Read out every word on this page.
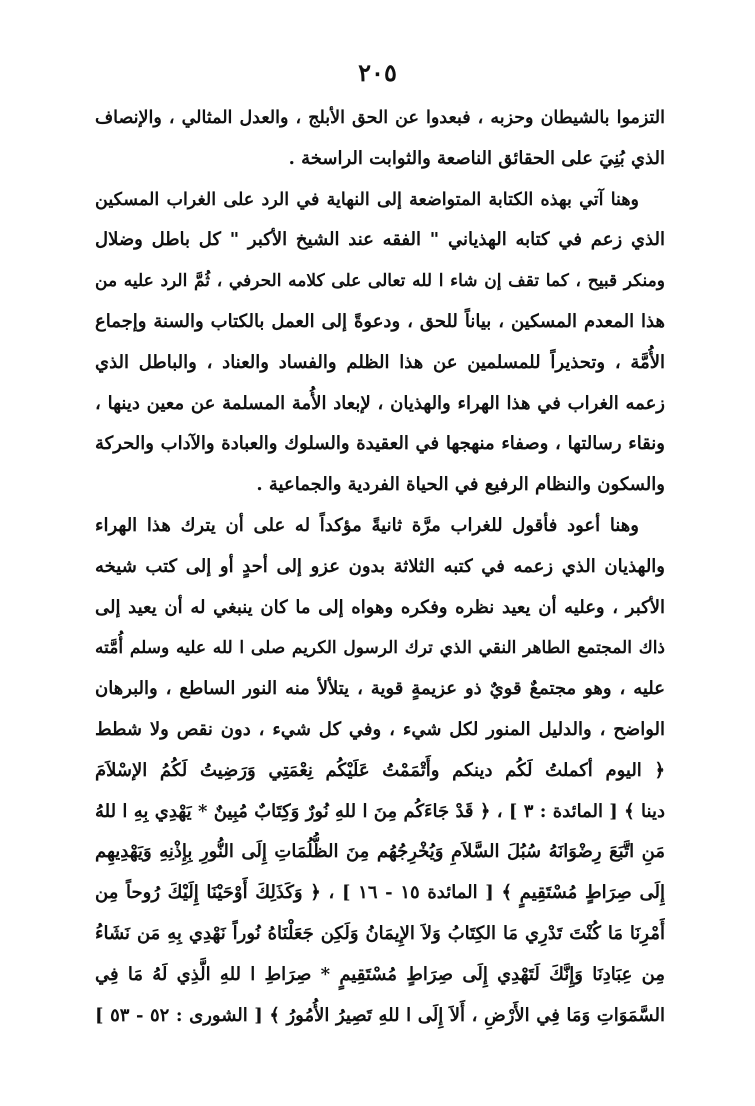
٢٠٥
التزموا بالشيطان وحزبه ، فبعدوا عن الحق الأبلج ، والعدل المثالي ، والإنصاف
الذي بُنِيَ على الحقائق الناصعة والثوابت الراسخة .
وهنا آتي بهذه الكتابة المتواضعة إلى النهاية في الرد على الغراب المسكين
الذي زعم في كتابه الهذياني " الفقه عند الشيخ الأكبر " كل باطل وضلال
ومنكر قبيح ، كما تقف إن شاء ا لله تعالى على كلامه الحرفي ، ثُمَّ الرد عليه من
هذا المعدم المسكين ، بياناً للحق ، ودعوةً إلى العمل بالكتاب والسنة وإجماع
الأُمَّة ، وتحذيراً للمسلمين عن هذا الظلم والفساد والعناد ، والباطل الذي
زعمه الغراب في هذا الهراء والهذيان ، لإبعاد الأُمة المسلمة عن معين دينها ،
ونقاء رسالتها ، وصفاء منهجها في العقيدة والسلوك والعبادة والآداب والحركة
والسكون والنظام الرفيع في الحياة الفردية والجماعية .
وهنا أعود فأقول للغراب مرَّة ثانيةً مؤكداً له على أن يترك هذا الهراء
والهذيان الذي زعمه في كتبه الثلاثة بدون عزو إلى أحدٍ أو إلى كتب شيخه
الأكبر ، وعليه أن يعيد نظره وفكره وهواه إلى ما كان ينبغي له أن يعيد إلى
ذاك المجتمع الطاهر النقي الذي ترك الرسول الكريم صلى ا لله عليه وسلم أُمَّته
عليه ، وهو مجتمعٌ قويٌ ذو عزيمةٍ قوية ، يتلألأ منه النور الساطع ، والبرهان
الواضح ، والدليل المنور لكل شيء ، وفي كل شيء ، دون نقص ولا شطط
﴿ اليوم أكملتُ لَكُم دينكم وأَتْمَمْتُ عَلَيْكُم نِعْمَتِي وَرَضِيتُ لَكُمُ الإسْلاَمَ
دينا ﴾ [ المائدة : ٣ ] ، ﴿ قَدْ جَاءَكُم مِنَ ا للهِ نُورٌ وَكِتَابٌ مُبِينٌ * يَهْدِي بِهِ ا للهُ
مَنِ اتَّبَعَ رِضْوَانَهُ سُبُلَ السَّلاَمِ وَيُخْرِجُهُم مِنَ الظُّلُمَاتِ إِلَى النُّورِ بِإِذْنِهِ وَيَهْدِيهِم
إِلَى صِرَاطٍ مُسْتَقِيمٍ ﴾ [ المائدة ١٥ - ١٦ ] ، ﴿ وَكَذَلِكَ أَوْحَيْنَا إِلَيْكَ رُوحاً مِن
أَمْرِنَا مَا كُنْتَ تَدْرِي مَا الكِتَابُ وَلاَ الإِيمَانُ وَلَكِن جَعَلْنَاهُ نُوراً نَهْدِي بِهِ مَن نَشَاءُ
مِن عِبَادِنَا وَإِنَّكَ لَتَهْدِي إِلَى صِرَاطٍ مُسْتَقِيمٍ * صِرَاطِ ا للهِ الَّذِي لَهُ مَا فِي
السَّمَوَاتِ وَمَا فِي الأَرْضِ ، أَلاَ إِلَى ا للهِ تَصِيرُ الأُمُورُ ﴾ [ الشورى : ٥٢ - ٥٣ ]
